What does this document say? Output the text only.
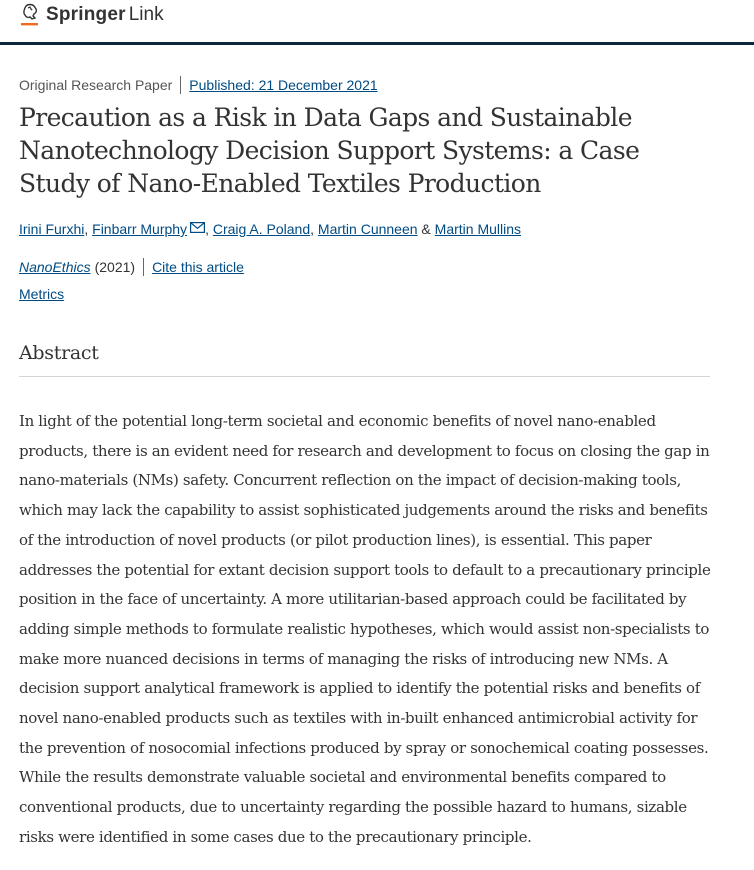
Springer Link
Original Research Paper Published: 21 December 2021
Precaution as a Risk in Data Gaps and Sustainable
Nanotechnology Decision Support Systems: a Case
Study of Nano-Enabled Textiles Production
Irini Furxhi, Finbarr Murphy , Craig A. Poland, Martin Cunneen & Martin Mullins
NanoEthics (2021) Cite this article
Metrics
Abstract
In light of the potential long-term societal and economic benefits of novel nano-enabled
products, there is an evident need for research and development to focus on closing the gap in
nano-materials (NMs) safety. Concurrent reflection on the impact of decision-making tools,
which may lack the capability to assist sophisticated judgements around the risks and benefits
of the introduction of novel products (or pilot production lines), is essential. This paper
addresses the potential for extant decision support tools to default to a precautionary principle
position in the face of uncertainty. A more utilitarian-based approach could be facilitated by
adding simple methods to formulate realistic hypotheses, which would assist non-specialists to
make more nuanced decisions in terms of managing the risks of introducing new NMs. A
decision support analytical framework is applied to identify the potential risks and benefits of
novel nano-enabled products such as textiles with in-built enhanced antimicrobial activity for
the prevention of nosocomial infections produced by spray or sonochemical coating possesses.
While the results demonstrate valuable societal and environmental benefits compared to
conventional products, due to uncertainty regarding the possible hazard to humans, sizable
risks were identified in some cases due to the precautionary principle.
